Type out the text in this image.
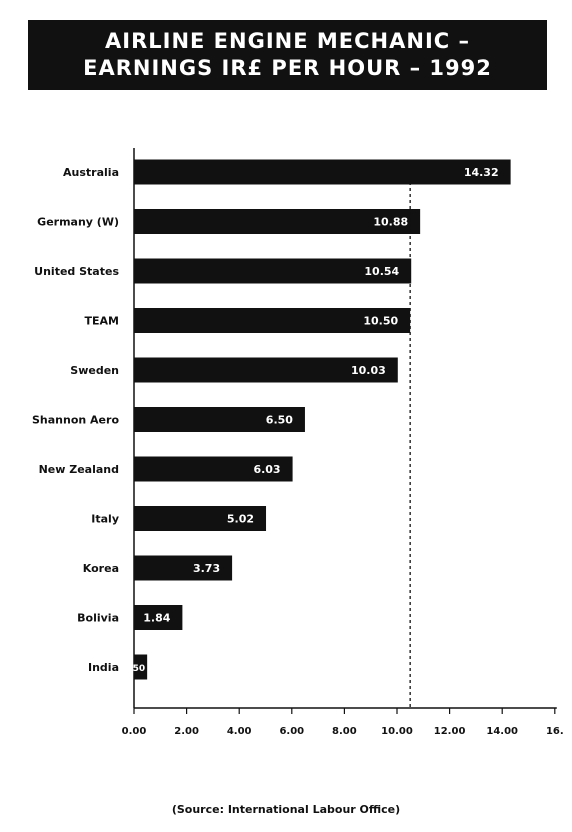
AIRLINE ENGINE MECHANIC –
EARNINGS IR£ PER HOUR – 1992
Australia	14.32
Germany (W)	10.88
United States	10.54
TEAM	10.50
Sweden	10.03
Shannon Aero	6.50
New Zealand	6.03
Italy	5.02
Korea	3.73
Bolivia 1.84
India .50
0.00	2.00	4.00	6.00	8.00 10.00 12.00 14.00	16.
(Source: International Labour Office)
